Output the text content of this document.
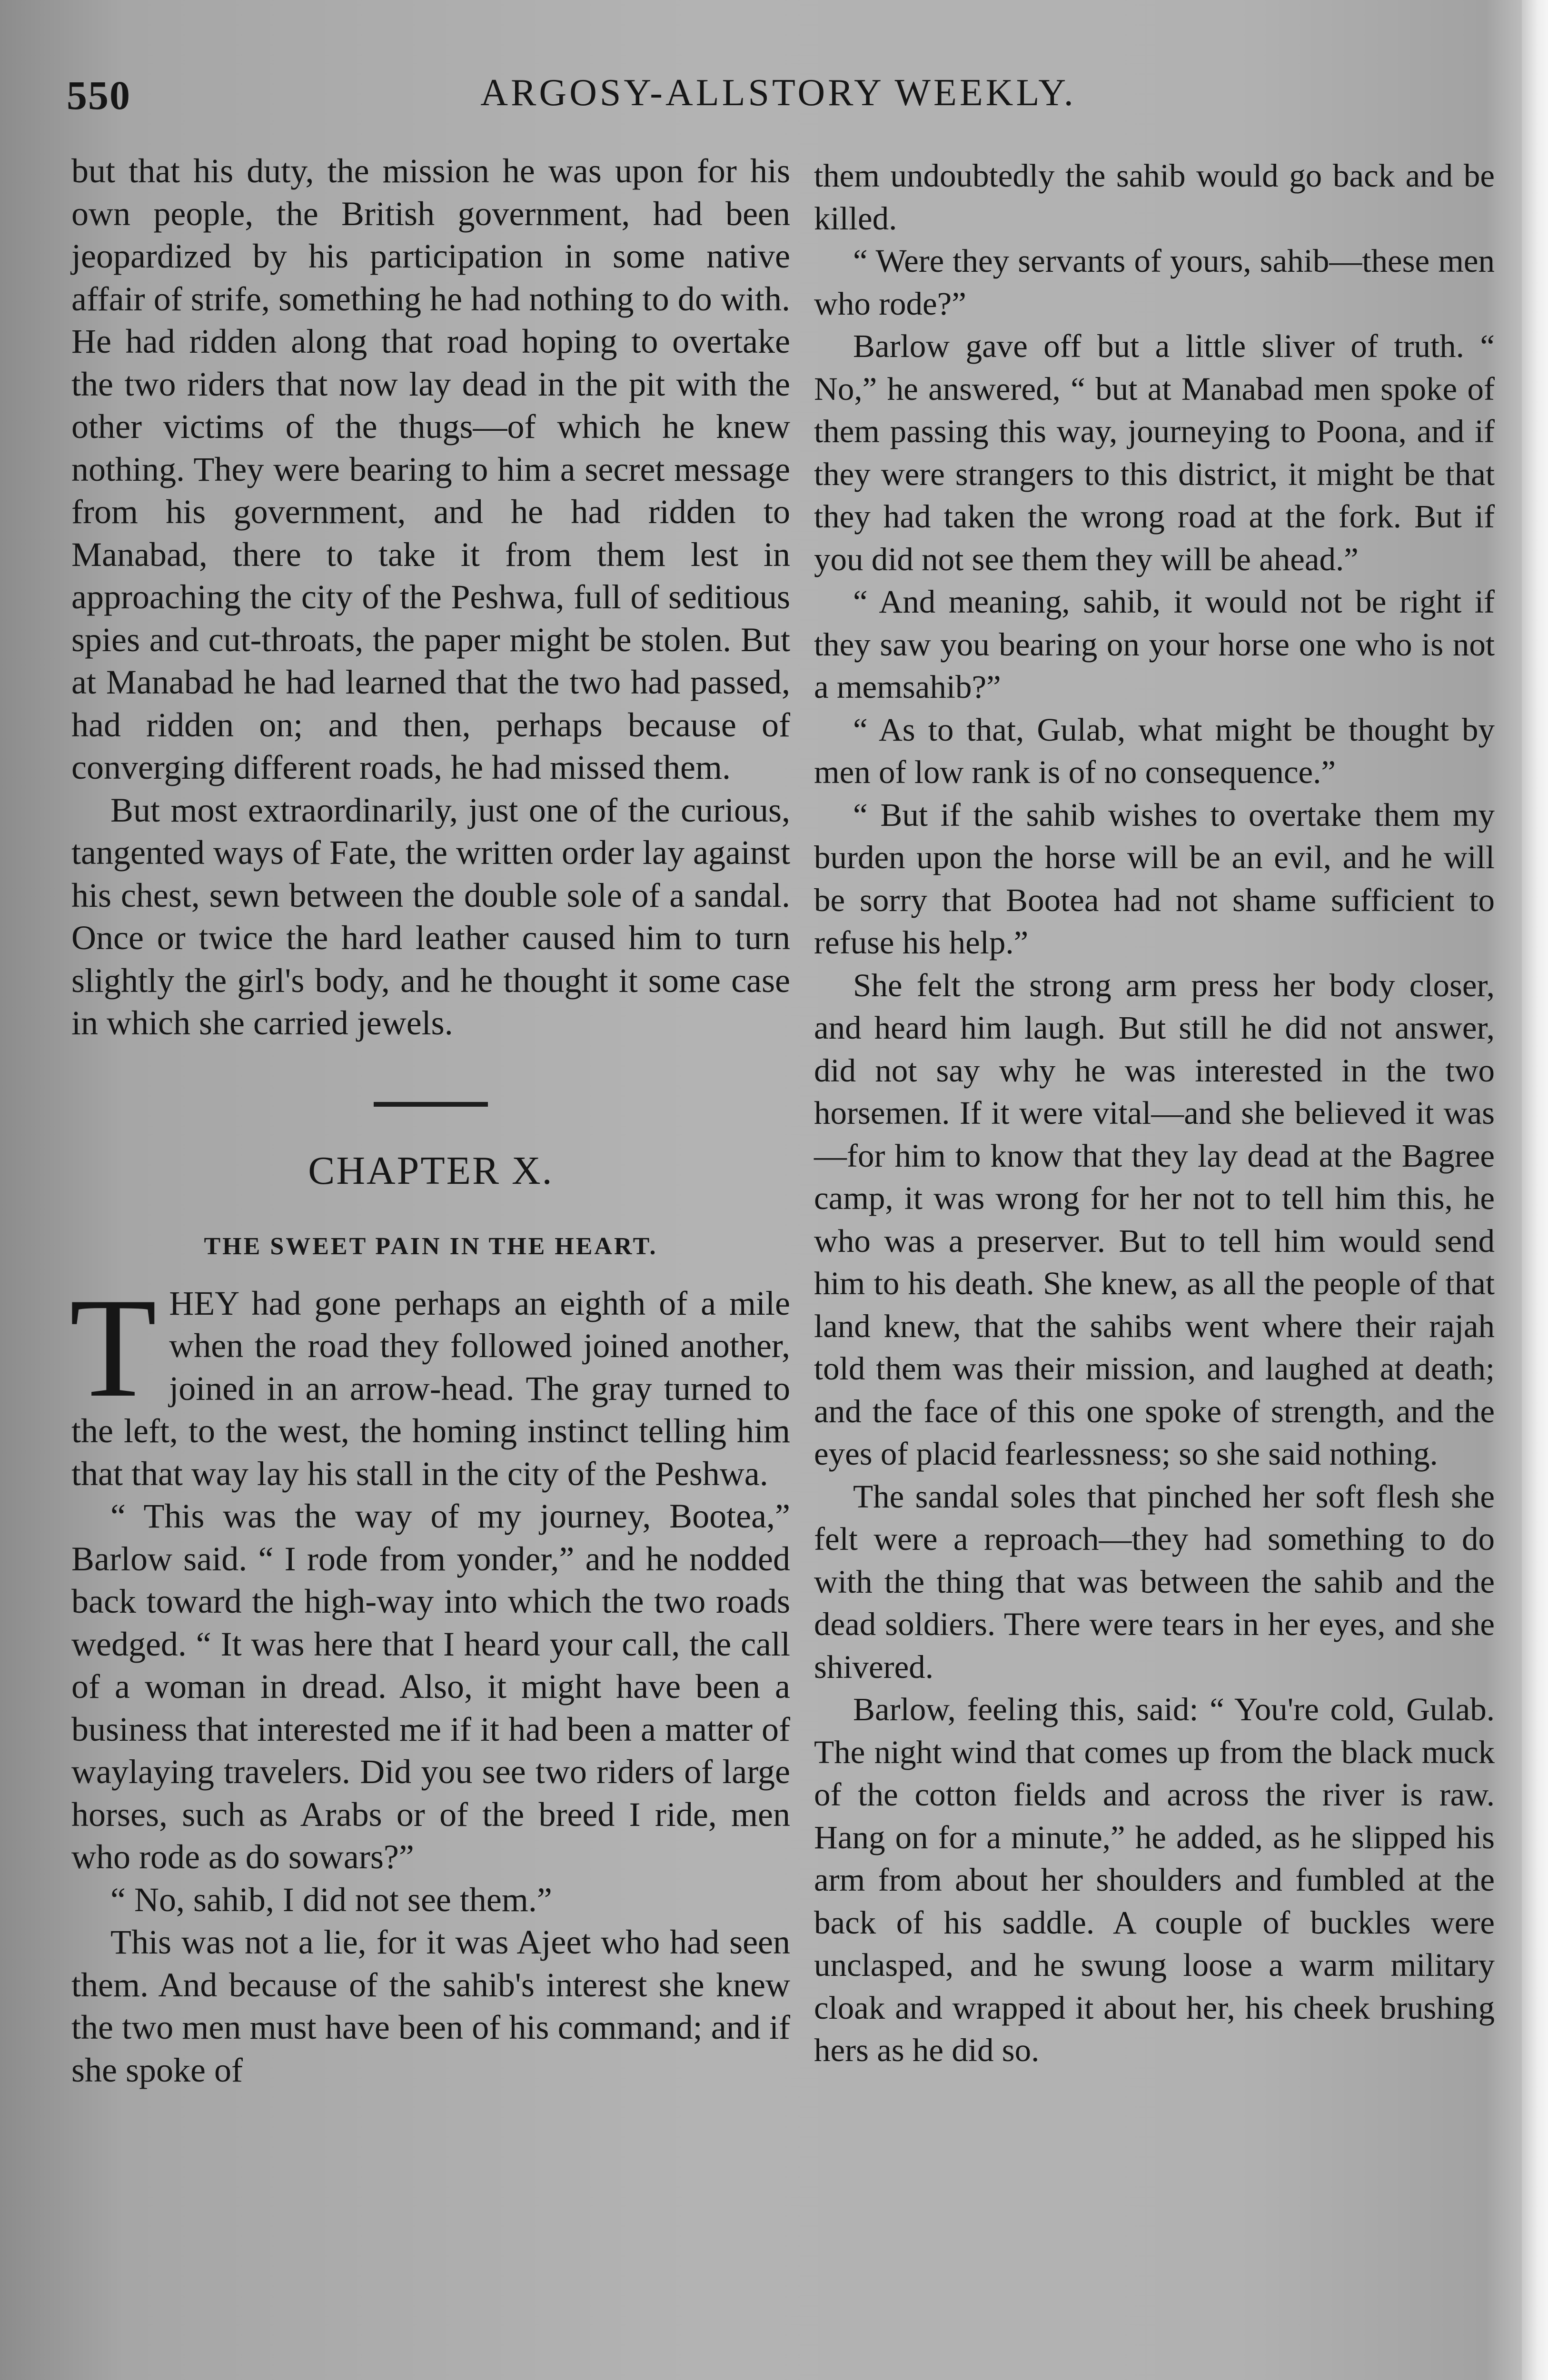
550	ARGOSY-ALLSTORY WEEKLY.

but that his duty, the mission he was upon for his own people, the British government, had been jeopardized by his participation in some native affair of strife, something he had nothing to do with. He had ridden along that road hoping to overtake the two riders that now lay dead in the pit with the other victims of the thugs—of which he knew nothing. They were bearing to him a secret message from his government, and he had ridden to Manabad, there to take it from them lest in approaching the city of the Peshwa, full of seditious spies and cut-throats, the paper might be stolen. But at Manabad he had learned that the two had passed, had ridden on; and then, perhaps because of converging different roads, he had missed them.

But most extraordinarily, just one of the curious, tangented ways of Fate, the written order lay against his chest, sewn between the double sole of a sandal. Once or twice the hard leather caused him to turn slightly the girl's body, and he thought it some case in which she carried jewels.

CHAPTER X.
THE SWEET PAIN IN THE HEART.

THEY had gone perhaps an eighth of a mile when the road they followed joined another, joined in an arrow-head. The gray turned to the left, to the west, the homing instinct telling him that that way lay his stall in the city of the Peshwa.

“ This was the way of my journey, Bootea,” Barlow said. “ I rode from yonder,” and he nodded back toward the high-way into which the two roads wedged. “ It was here that I heard your call, the call of a woman in dread. Also, it might have been a business that interested me if it had been a matter of waylaying travelers. Did you see two riders of large horses, such as Arabs or of the breed I ride, men who rode as do sowars?”

“ No, sahib, I did not see them.”

This was not a lie, for it was Ajeet who had seen them. And because of the sahib's interest she knew the two men must have been of his command; and if she spoke of

them undoubtedly the sahib would go back and be killed.

“ Were they servants of yours, sahib—these men who rode?”

Barlow gave off but a little sliver of truth. “ No,” he answered, “ but at Manabad men spoke of them passing this way, journeying to Poona, and if they were strangers to this district, it might be that they had taken the wrong road at the fork. But if you did not see them they will be ahead.”

“ And meaning, sahib, it would not be right if they saw you bearing on your horse one who is not a memsahib?”

“ As to that, Gulab, what might be thought by men of low rank is of no consequence.”

“ But if the sahib wishes to overtake them my burden upon the horse will be an evil, and he will be sorry that Bootea had not shame sufficient to refuse his help.”

She felt the strong arm press her body closer, and heard him laugh. But still he did not answer, did not say why he was interested in the two horsemen. If it were vital—and she believed it was—for him to know that they lay dead at the Bagree camp, it was wrong for her not to tell him this, he who was a preserver. But to tell him would send him to his death. She knew, as all the people of that land knew, that the sahibs went where their rajah told them was their mission, and laughed at death; and the face of this one spoke of strength, and the eyes of placid fearlessness; so she said nothing.

The sandal soles that pinched her soft flesh she felt were a reproach—they had something to do with the thing that was between the sahib and the dead soldiers. There were tears in her eyes, and she shivered.

Barlow, feeling this, said: “ You're cold, Gulab. The night wind that comes up from the black muck of the cotton fields and across the river is raw. Hang on for a minute,” he added, as he slipped his arm from about her shoulders and fumbled at the back of his saddle. A couple of buckles were unclasped, and he swung loose a warm military cloak and wrapped it about her, his cheek brushing hers as he did so.
